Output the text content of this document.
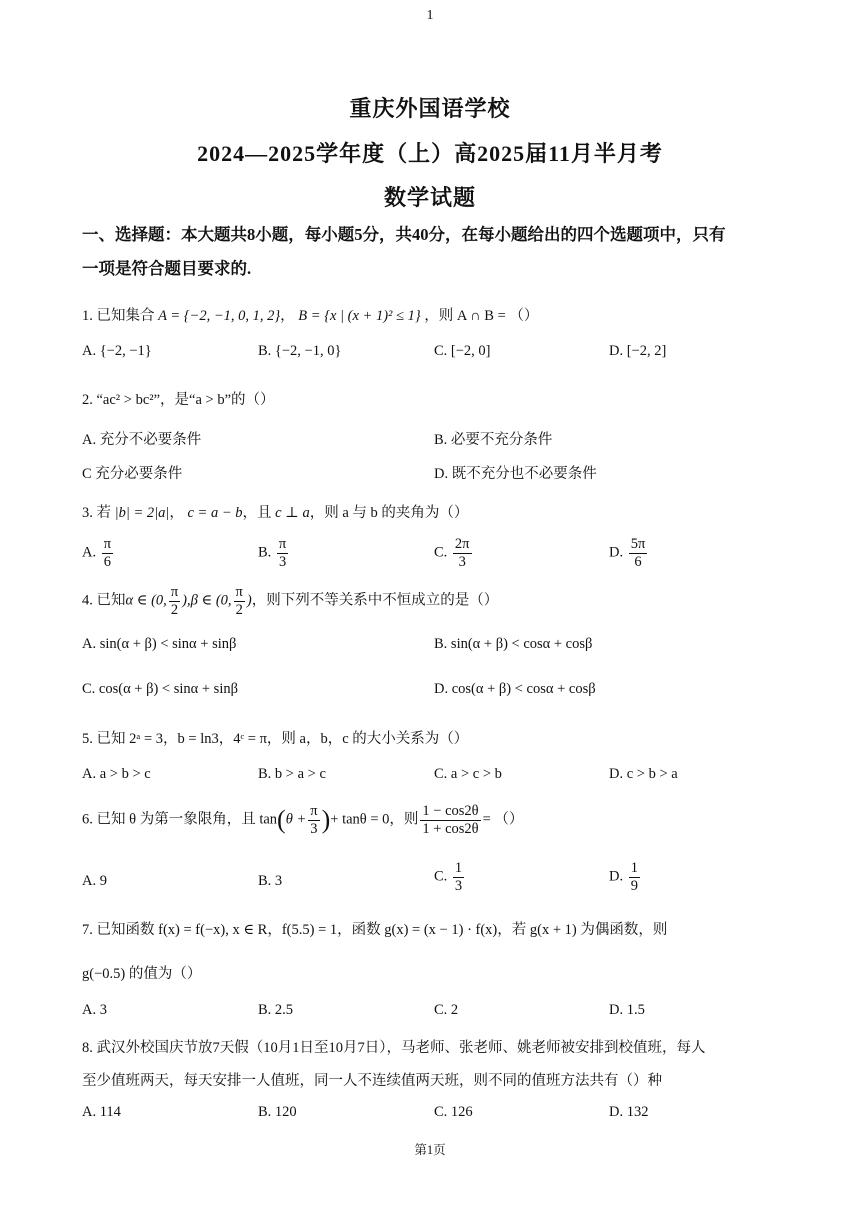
1
重庆外国语学校
2024—2025学年度（上）高2025届11月半月考
数学试题
一、选择题：本大题共8小题，每小题5分，共40分，在每小题给出的四个选题项中，只有
一项是符合题目要求的.
1. 已知集合 A = {−2, −1, 0, 1, 2}， B = {x | (x + 1)² ≤ 1} ，则 A ∩ B = （）
A. {−2, −1}	B. {−2, −1, 0}	C. [−2, 0]	D. [−2, 2]
2. “ac² > bc²”，是“a > b”的（）
A. 充分不必要条件	B. 必要不充分条件
C 充分必要条件	D. 既不充分也不必要条件
3. 若 |b| = 2|a|， c = a − b，且 c ⊥ a，则 a 与 b 的夹角为（）
A. $\frac{\pi}{6}$	B. $\frac{\pi}{3}$	C. $\frac{2\pi}{3}$	D. $\frac{5\pi}{6}$
4. 已知α ∈ (0, $\frac{\pi}{2} ),\beta$ ∈ (0, $\frac{\pi}{2}$ )，则下列不等关系中不恒成立的是（）
A. sin(α + β) < sinα + sinβ	B. sin(α + β) < cosα + cosβ
C. cos(α + β) < sinα + sinβ	D. cos(α + β) < cosα + cosβ
5. 已知 2ᵃ = 3，b = ln3，4ᶜ = π，则 a，b，c 的大小关系为（）
A. a > b > c	B. b > a > c	C. a > c > b	D. c > b > a
6. 已知 θ 为第一象限角，且 $\tan(\theta + \frac{\pi}{3}$ )+ tanθ = 0，则 $\frac{1 - \cos 2\theta}{1 + \cos 2\theta}$ = （）
A. 9	B. 3	C. $\frac{1}{3}$	D. $\frac{1}{9}$
7. 已知函数 f(x) = f(−x), x ∈ R，f(5.5) = 1，函数 g(x) = (x − 1) · f(x)，若 g(x + 1) 为偶函数，则
g(−0.5) 的值为（）
A. 3	B. 2.5	C. 2	D. 1.5
8. 武汉外校国庆节放7天假（10月1日至10月7日），马老师、张老师、姚老师被安排到校值班，每人
至少值班两天，每天安排一人值班，同一人不连续值两天班，则不同的值班方法共有（）种
A. 114	B. 120	C. 126	D. 132
第1页
